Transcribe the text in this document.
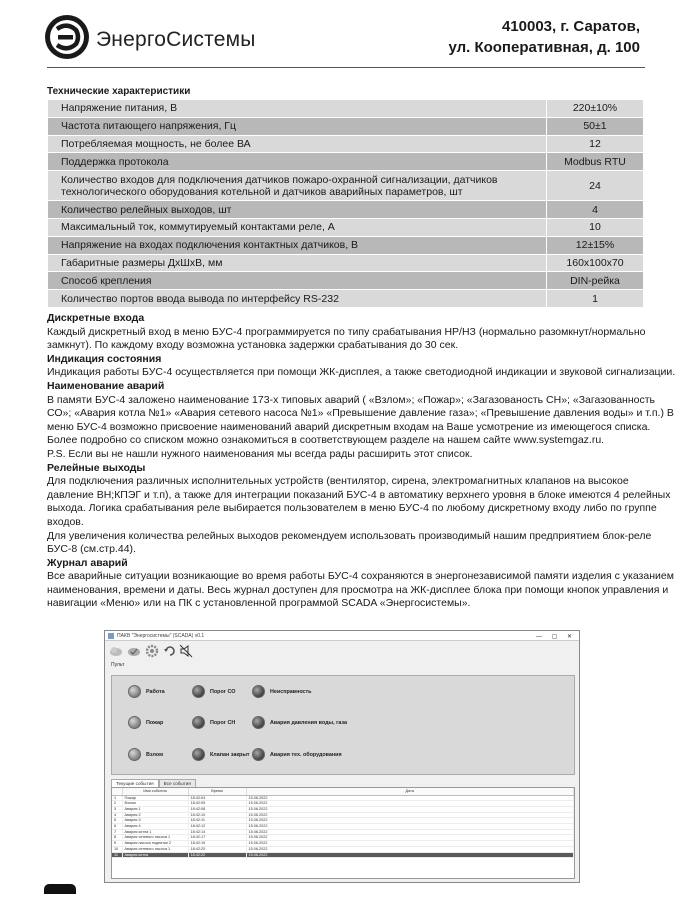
ЭнергоСистемы
410003, г. Саратов,
ул. Кооперативная, д. 100
Технические характеристики
Напряжение питания, В	220±10%
Частота питающего напряжения, Гц	50±1
Потребляемая мощность, не более ВА	12
Поддержка протокола	Modbus RTU
Количество входов для подключения датчиков пожаро-охранной сигнализации, датчиков технологического оборудования котельной и датчиков аварийных параметров, шт	24
Количество релейных выходов, шт	4
Максимальный ток, коммутируемый контактами реле, А	10
Напряжение на входах подключения контактных датчиков, В	12±15%
Габаритные размеры ДхШхВ, мм	160х100х70
Способ крепления	DIN-рейка
Количество портов ввода вывода по интерфейсу RS-232	1
Дискретные входа
Каждый дискретный вход в меню БУС-4 программируется по типу срабатывания НР/НЗ (нормально разомкнут/нормально замкнут). По каждому входу возможна установка задержки срабатывания до 30 сек.
Индикация состояния
Индикация работы БУС-4 осуществляется при помощи ЖК-дисплея, а также светодиодной индикации и звуковой сигнализации.
Наименование аварий
В памяти БУС-4 заложено наименование 173-х типовых аварий ( «Взлом»; «Пожар»; «Загазованость СН»; «Загазованность СО»; «Авария котла №1» «Авария сетевого насоса №1» «Превышение давление газа»; «Превышение давления воды» и т.п.) В меню БУС-4 возможно присвоение наименований аварий дискретным входам на Ваше усмотрение из имеющегося списка.
Более подробно со списком можно ознакомиться в соответствующем разделе на нашем сайте www.systemgaz.ru.
P.S. Если вы не нашли нужного наименования мы всегда рады расширить этот список.
Релейные выходы
Для подключения различных исполнительных устройств (вентилятор, сирена, электромагнитных клапанов на высокое давление ВН;КПЭГ и т.п), а также для интеграции показаний БУС-4 в автоматику верхнего уровня в блоке имеются 4 релейных выхода. Логика срабатывания реле выбирается пользователем в меню БУС-4 по любому дискретному входу либо по группе входов.
Для увеличения количества релейных выходов рекомендуем использовать производимый нашим предприятием блок-реле БУС-8 (см.стр.44).
Журнал аварий
Все аварийные ситуации возникающие во время работы БУС-4 сохраняются в энергонезависимой памяти изделия с указанием наименования, времени и даты. Весь журнал доступен для просмотра на ЖК-дисплее блока при помощи кнопок управления и навигации «Меню» или на ПК с установленной программой SCADA «Энергосистемы».
ПАКВ "Энергосистемы" (SCADA) v0.1	— ▢ ✕
Пульт
Работа	Порог СО	Неисправность
Пожар	Порог СН	Авария давления воды, газа
Взлом	Клапан закрыт	Авария тех. оборудования
Текущие события Все события
	Имя события	Время	Дата
1	Пожар	18:42:04	15.06.2022
2	Взлом	18:42:05	15.06.2022
3	Авария 1	18:42:08	15.06.2022
4	Авария 2	18:42:10	15.06.2022
5	Авария 3	18:42:11	15.06.2022
6	Авария 4	18:42:12	15.06.2022
7	Авария котла 1	18:42:14	15.06.2022
8	Авария сетевого насоса 1	18:42:17	15.06.2022
9	Авария насоса подпитки 2	18:42:19	15.06.2022
10	Авария сетевого насоса 1	18:42:20	15.06.2022
11	Авария котла	18:42:22	15.06.2022
